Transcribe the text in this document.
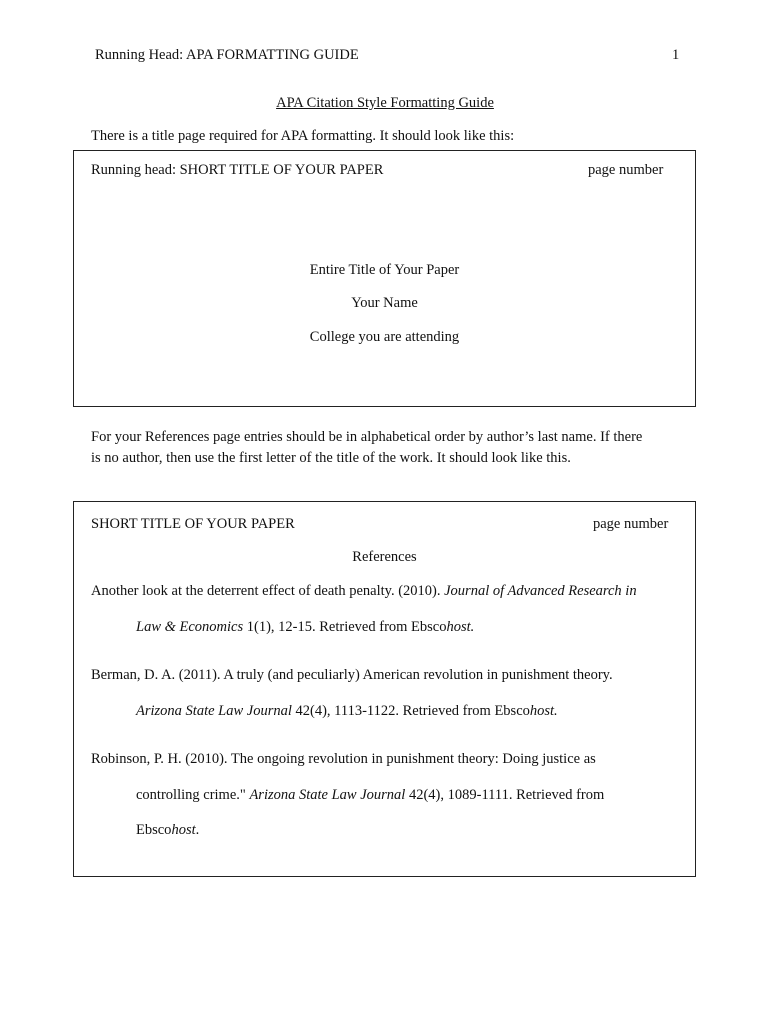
Running Head: APA FORMATTING GUIDE	1
APA Citation Style Formatting Guide
There is a title page required for APA formatting. It should look like this:
Running head: SHORT TITLE OF YOUR PAPER	page number
Entire Title of Your Paper
Your Name
College you are attending
For your References page entries should be in alphabetical order by author’s last name. If there
is no author, then use the first letter of the title of the work. It should look like this.
SHORT TITLE OF YOUR PAPER	page number
References
Another look at the deterrent effect of death penalty. (2010). Journal of Advanced Research in
Law & Economics 1(1), 12-15. Retrieved from Ebscohost.
Berman, D. A. (2011). A truly (and peculiarly) American revolution in punishment theory.
Arizona State Law Journal 42(4), 1113-1122. Retrieved from Ebscohost.
Robinson, P. H. (2010). The ongoing revolution in punishment theory: Doing justice as
controlling crime." Arizona State Law Journal 42(4), 1089-1111. Retrieved from
Ebscohost.
